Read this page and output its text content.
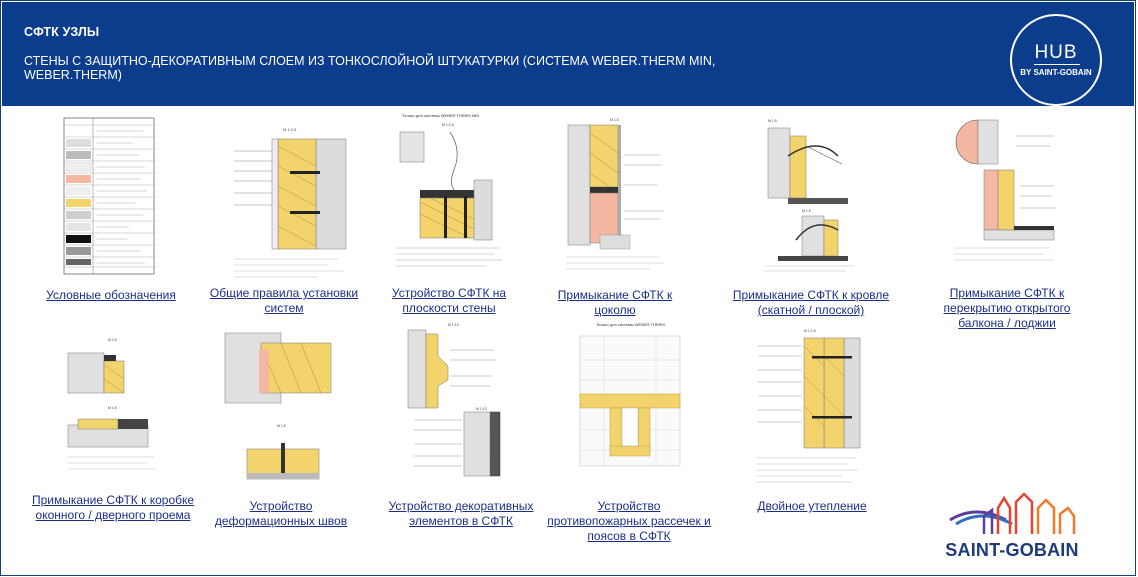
СФТК УЗЛЫ
СТЕНЫ С ЗАЩИТНО-ДЕКОРАТИВНЫМ СЛОЕМ ИЗ ТОНКОСЛОЙНОЙ ШТУКАТУРКИ (СИСТЕМА WEBER.THERM MIN, WEBER.THERM)
HUB
BY SAINT-GOBAIN
Условные обозначения
М 1:2,5
Общие правила установки систем
Только для системы WEBER.THERM MIN
М 1:2,5
Устройство СФТК на плоскости стены
М 1:5
Примыкание СФТК к цоколю
М 1:5
М 1:5
Примыкание СФТК к кровле (скатной / плоской)
Примыкание СФТК к перекрытию открытого балкона / лоджии
М 1:5
М 1:5
Примыкание СФТК к коробке оконного / дверного проема
М 1:5
Устройство деформационных швов
М 1:10
М 1:10
Устройство декоративных элементов в СФТК
Только для системы WEBER.THERM
Устройство противопожарных рассечек и поясов в СФТК
М 1:2,5
Двойное утепление
SAINT-GOBAIN
